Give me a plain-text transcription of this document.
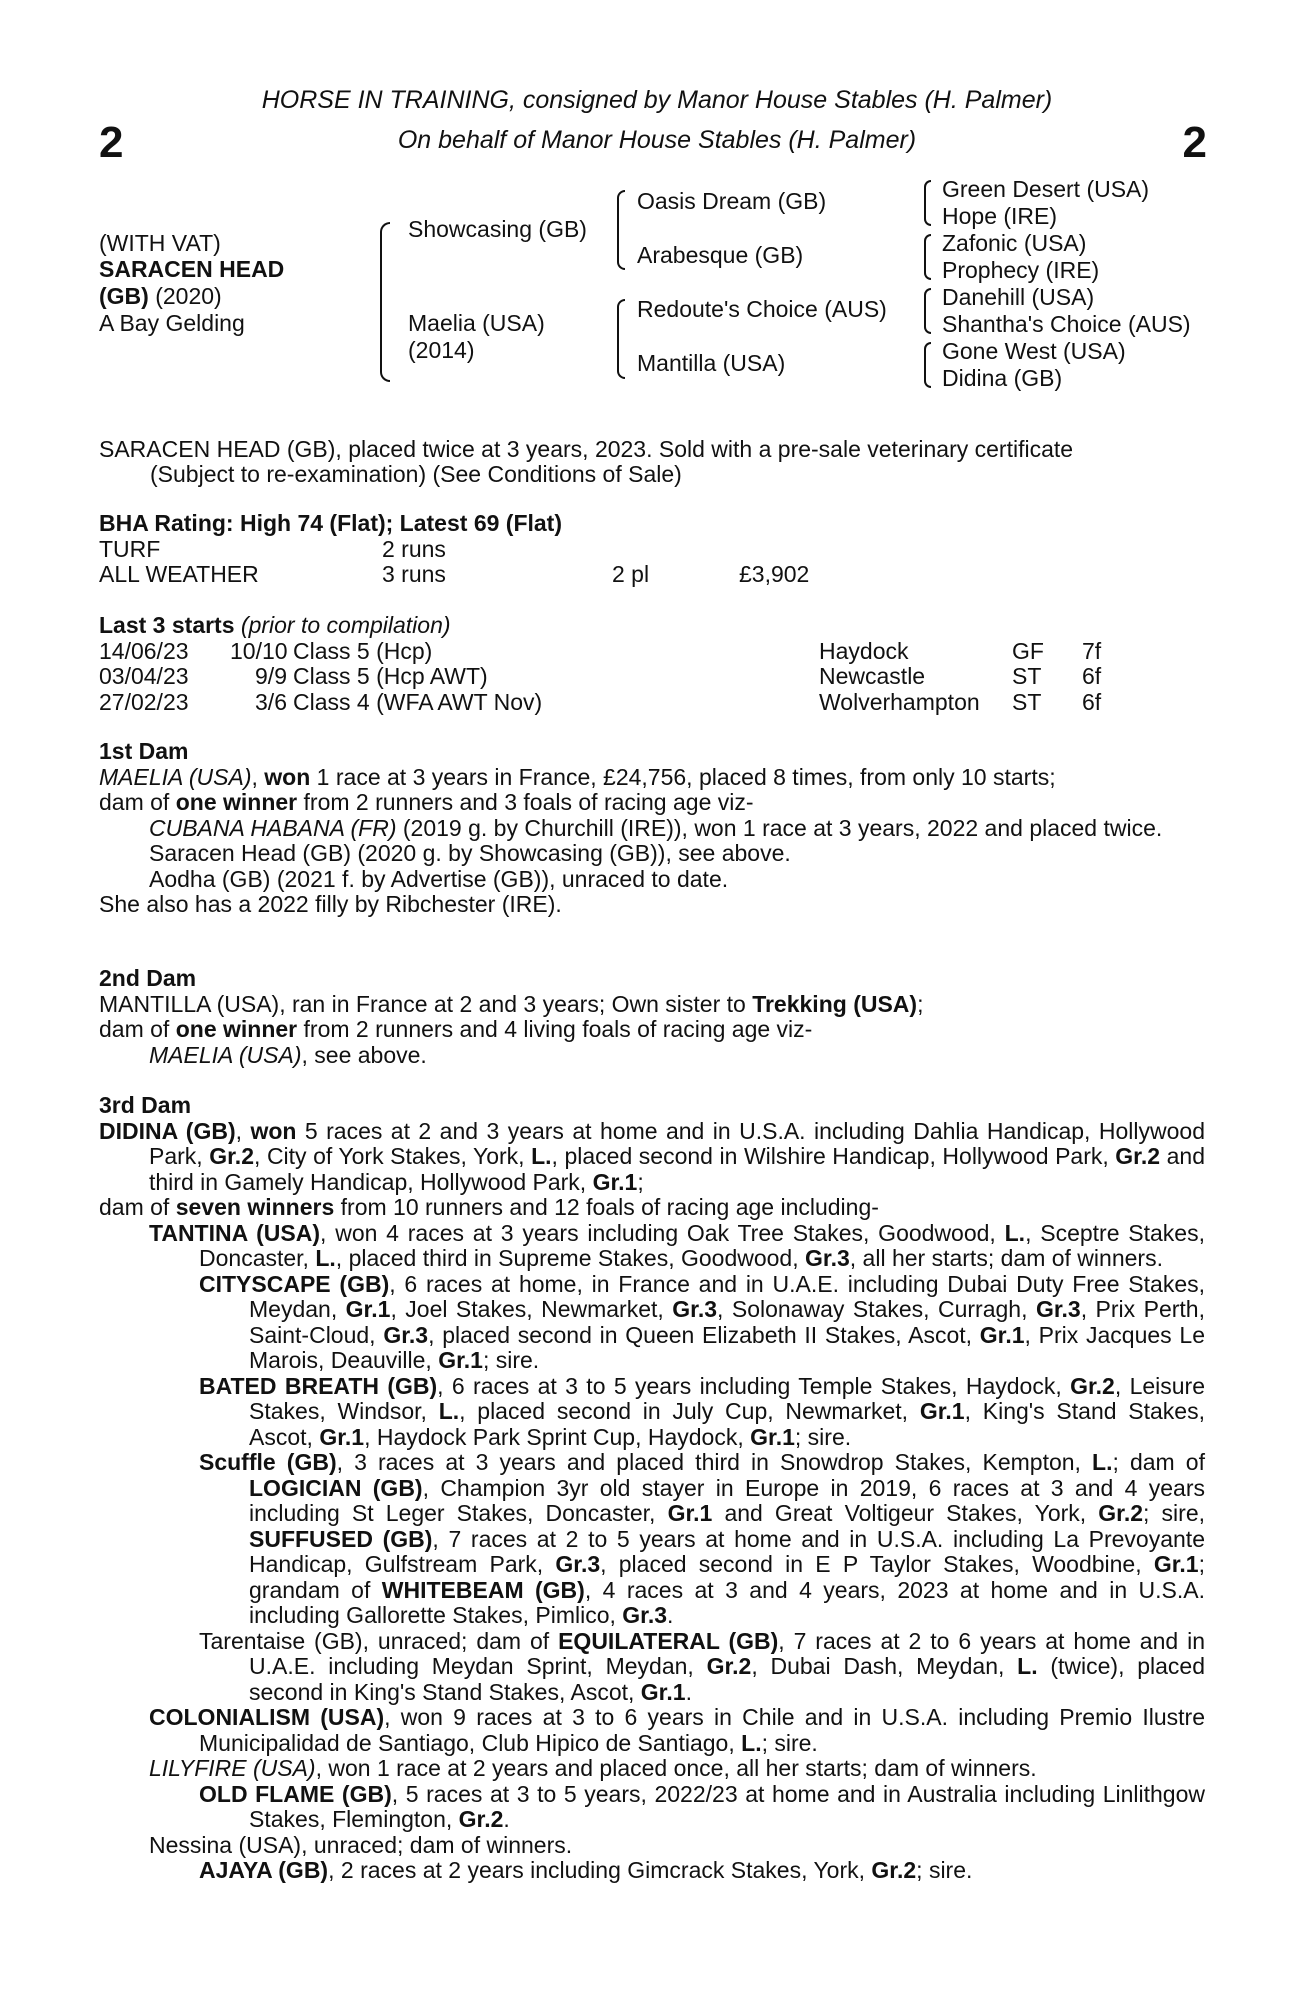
2	2
HORSE IN TRAINING, consigned by Manor House Stables (H. Palmer)
On behalf of Manor House Stables (H. Palmer)
(WITH VAT)
SARACEN HEAD
(GB) (2020)
A Bay Gelding
Showcasing (GB)
Maelia (USA)
(2014)
Oasis Dream (GB)
Arabesque (GB)
Redoute's Choice (AUS)
Mantilla (USA)
Green Desert (USA)
Hope (IRE)
Zafonic (USA)
Prophecy (IRE)
Danehill (USA)
Shantha's Choice (AUS)
Gone West (USA)
Didina (GB)
SARACEN HEAD (GB), placed twice at 3 years, 2023. Sold with a pre-sale veterinary certificate
(Subject to re-examination) (See Conditions of Sale)
BHA Rating: High 74 (Flat); Latest 69 (Flat)
TURF	2 runs
ALL WEATHER	3 runs	2 pl	£3,902
Last 3 starts (prior to compilation)
14/06/23 10/10 Class 5 (Hcp)	Haydock	GF 7f
03/04/23	9/9 Class 5 (Hcp AWT)	Newcastle	ST 6f
27/02/23	3/6 Class 4 (WFA AWT Nov)	Wolverhampton ST 6f
1st Dam

MAELIA (USA), won 1 race at 3 years in France, £24,756, placed 8 times, from only 10 starts;

dam of one winner from 2 runners and 3 foals of racing age viz-

CUBANA HABANA (FR) (2019 g. by Churchill (IRE)), won 1 race at 3 years, 2022 and placed twice.

Saracen Head (GB) (2020 g. by Showcasing (GB)), see above.

Aodha (GB) (2021 f. by Advertise (GB)), unraced to date.

She also has a 2022 filly by Ribchester (IRE).

2nd Dam

MANTILLA (USA), ran in France at 2 and 3 years; Own sister to Trekking (USA);

dam of one winner from 2 runners and 4 living foals of racing age viz-

MAELIA (USA), see above.

3rd Dam

DIDINA (GB), won 5 races at 2 and 3 years at home and in U.S.A. including Dahlia Handicap, Hollywood Park, Gr.2, City of York Stakes, York, L., placed second in Wilshire Handicap, Hollywood Park, Gr.2 and third in Gamely Handicap, Hollywood Park, Gr.1;

dam of seven winners from 10 runners and 12 foals of racing age including-

TANTINA (USA), won 4 races at 3 years including Oak Tree Stakes, Goodwood, L., Sceptre Stakes, Doncaster, L., placed third in Supreme Stakes, Goodwood, Gr.3, all her starts; dam of winners.

CITYSCAPE (GB), 6 races at home, in France and in U.A.E. including Dubai Duty Free Stakes, Meydan, Gr.1, Joel Stakes, Newmarket, Gr.3, Solonaway Stakes, Curragh, Gr.3, Prix Perth, Saint-Cloud, Gr.3, placed second in Queen Elizabeth II Stakes, Ascot, Gr.1, Prix Jacques Le Marois, Deauville, Gr.1; sire.

BATED BREATH (GB), 6 races at 3 to 5 years including Temple Stakes, Haydock, Gr.2, Leisure Stakes, Windsor, L., placed second in July Cup, Newmarket, Gr.1, King's Stand Stakes, Ascot, Gr.1, Haydock Park Sprint Cup, Haydock, Gr.1; sire.

Scuffle (GB), 3 races at 3 years and placed third in Snowdrop Stakes, Kempton, L.; dam of LOGICIAN (GB), Champion 3yr old stayer in Europe in 2019, 6 races at 3 and 4 years including St Leger Stakes, Doncaster, Gr.1 and Great Voltigeur Stakes, York, Gr.2; sire, SUFFUSED (GB), 7 races at 2 to 5 years at home and in U.S.A. including La Prevoyante Handicap, Gulfstream Park, Gr.3, placed second in E P Taylor Stakes, Woodbine, Gr.1; grandam of WHITEBEAM (GB), 4 races at 3 and 4 years, 2023 at home and in U.S.A. including Gallorette Stakes, Pimlico, Gr.3.

Tarentaise (GB), unraced; dam of EQUILATERAL (GB), 7 races at 2 to 6 years at home and in U.A.E. including Meydan Sprint, Meydan, Gr.2, Dubai Dash, Meydan, L. (twice), placed second in King's Stand Stakes, Ascot, Gr.1.

COLONIALISM (USA), won 9 races at 3 to 6 years in Chile and in U.S.A. including Premio Ilustre Municipalidad de Santiago, Club Hipico de Santiago, L.; sire.

LILYFIRE (USA), won 1 race at 2 years and placed once, all her starts; dam of winners.

OLD FLAME (GB), 5 races at 3 to 5 years, 2022/23 at home and in Australia including Linlithgow Stakes, Flemington, Gr.2.

Nessina (USA), unraced; dam of winners.

AJAYA (GB), 2 races at 2 years including Gimcrack Stakes, York, Gr.2; sire.
